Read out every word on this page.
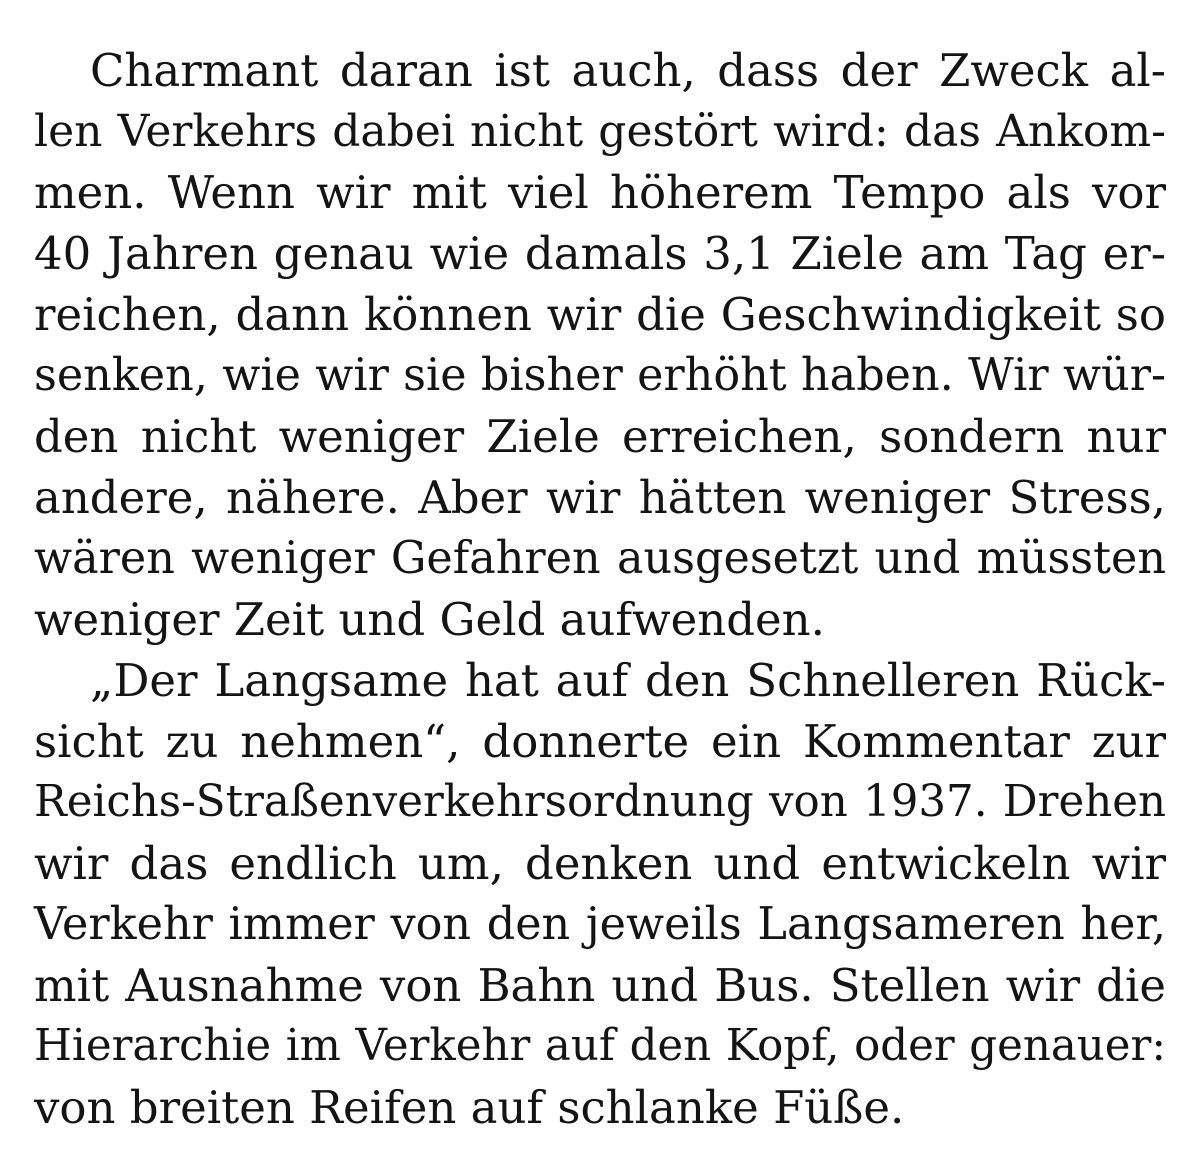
Charmant daran ist auch, dass der Zweck al-
len Verkehrs dabei nicht gestört wird: das Ankom-
men. Wenn wir mit viel höherem Tempo als vor
40 Jahren genau wie damals 3,1 Ziele am Tag er-
reichen, dann können wir die Geschwindigkeit so
senken, wie wir sie bisher erhöht haben. Wir wür-
den nicht weniger Ziele erreichen, sondern nur
andere, nähere. Aber wir hätten weniger Stress,
wären weniger Gefahren ausgesetzt und müssten
weniger Zeit und Geld aufwenden.
„Der Langsame hat auf den Schnelleren Rück-
sicht zu nehmen“, donnerte ein Kommentar zur
Reichs-Straßenverkehrsordnung von 1937. Drehen
wir das endlich um, denken und entwickeln wir
Verkehr immer von den jeweils Langsameren her,
mit Ausnahme von Bahn und Bus. Stellen wir die
Hierarchie im Verkehr auf den Kopf, oder genauer:
von breiten Reifen auf schlanke Füße.
